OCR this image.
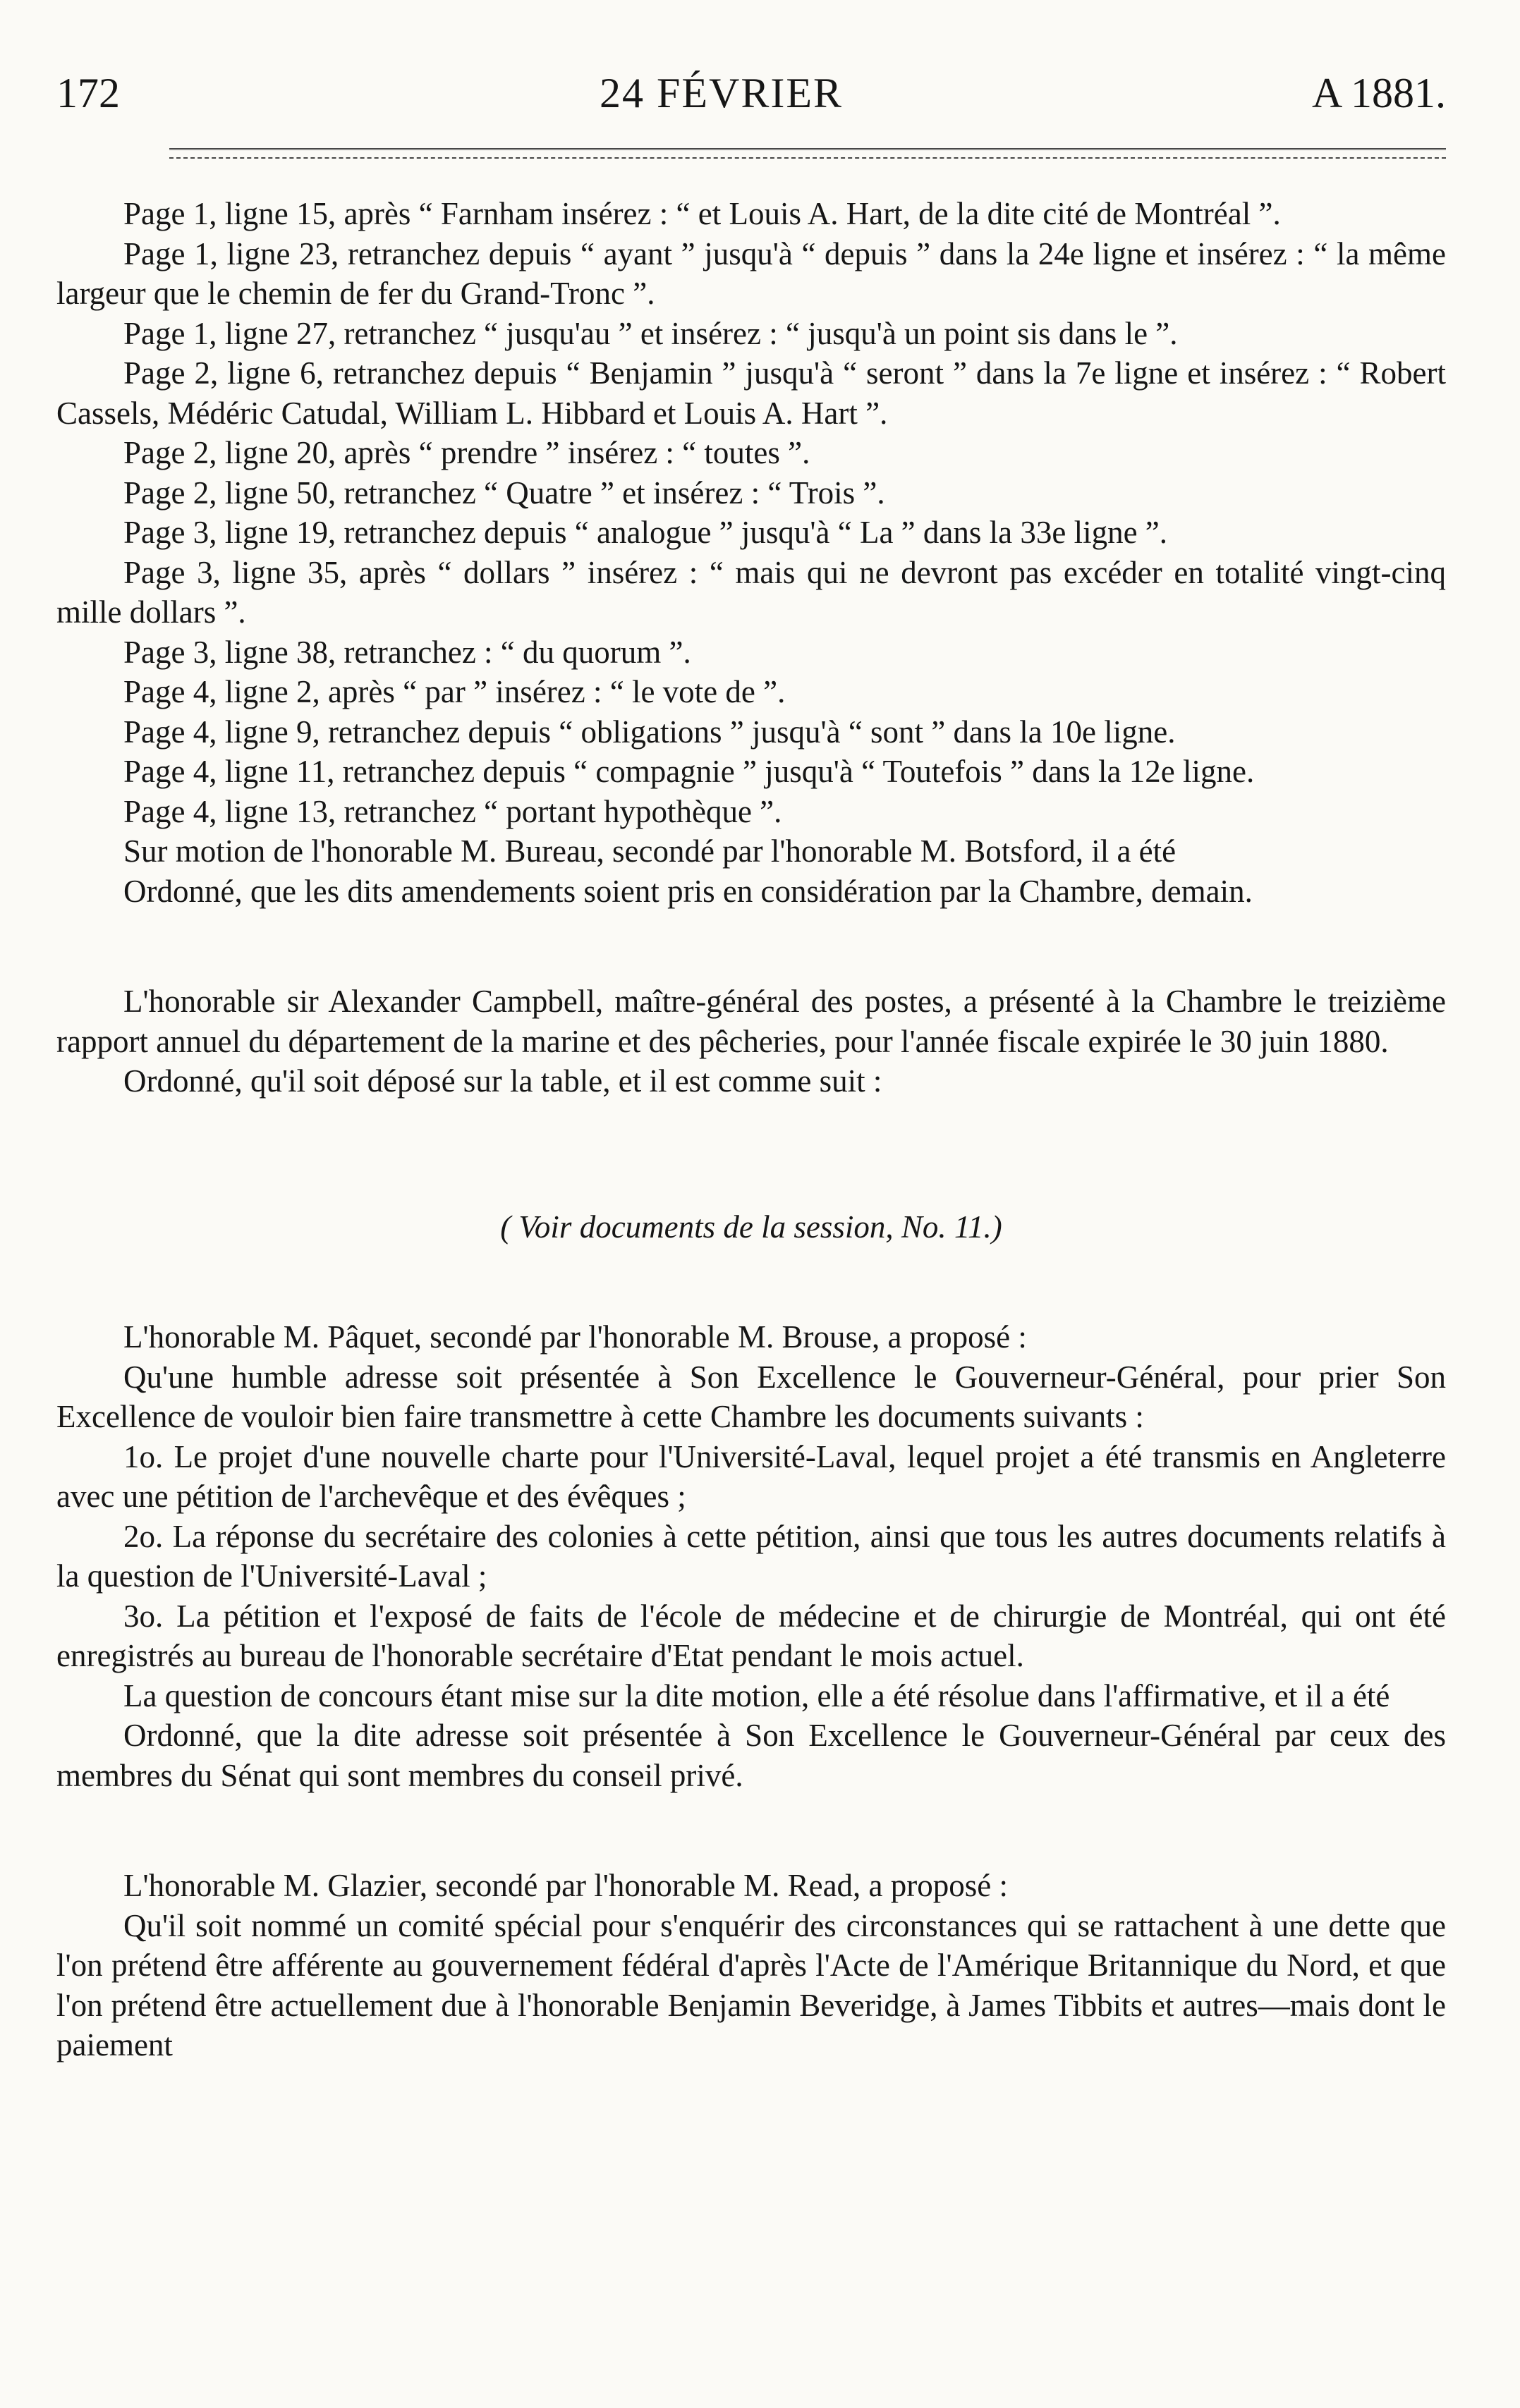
172	24 FÉVRIER	A 1881.

Page 1, ligne 15, après “ Farnham insérez : “ et Louis A. Hart, de la dite cité de Montréal ”.

Page 1, ligne 23, retranchez depuis “ ayant ” jusqu'à “ depuis ” dans la 24e ligne et insérez : “ la même largeur que le chemin de fer du Grand-Tronc ”.

Page 1, ligne 27, retranchez “ jusqu'au ” et insérez : “ jusqu'à un point sis dans le ”.

Page 2, ligne 6, retranchez depuis “ Benjamin ” jusqu'à “ seront ” dans la 7e ligne et insérez : “ Robert Cassels, Médéric Catudal, William L. Hibbard et Louis A. Hart ”.

Page 2, ligne 20, après “ prendre ” insérez : “ toutes ”.

Page 2, ligne 50, retranchez “ Quatre ” et insérez : “ Trois ”.

Page 3, ligne 19, retranchez depuis “ analogue ” jusqu'à “ La ” dans la 33e ligne ”.

Page 3, ligne 35, après “ dollars ” insérez : “ mais qui ne devront pas excéder en totalité vingt-cinq mille dollars ”.

Page 3, ligne 38, retranchez : “ du quorum ”.

Page 4, ligne 2, après “ par ” insérez : “ le vote de ”.

Page 4, ligne 9, retranchez depuis “ obligations ” jusqu'à “ sont ” dans la 10e ligne.

Page 4, ligne 11, retranchez depuis “ compagnie ” jusqu'à “ Toutefois ” dans la 12e ligne.

Page 4, ligne 13, retranchez “ portant hypothèque ”.

Sur motion de l'honorable M. Bureau, secondé par l'honorable M. Botsford, il a été

Ordonné, que les dits amendements soient pris en considération par la Chambre, demain.

L'honorable sir Alexander Campbell, maître-général des postes, a présenté à la Chambre le treizième rapport annuel du département de la marine et des pêcheries, pour l'année fiscale expirée le 30 juin 1880.

Ordonné, qu'il soit déposé sur la table, et il est comme suit :

( Voir documents de la session, No. 11.)

L'honorable M. Pâquet, secondé par l'honorable M. Brouse, a proposé :

Qu'une humble adresse soit présentée à Son Excellence le Gouverneur-Général, pour prier Son Excellence de vouloir bien faire transmettre à cette Chambre les documents suivants :

1o. Le projet d'une nouvelle charte pour l'Université-Laval, lequel projet a été transmis en Angleterre avec une pétition de l'archevêque et des évêques ;

2o. La réponse du secrétaire des colonies à cette pétition, ainsi que tous les autres documents relatifs à la question de l'Université-Laval ;

3o. La pétition et l'exposé de faits de l'école de médecine et de chirurgie de Montréal, qui ont été enregistrés au bureau de l'honorable secrétaire d'Etat pendant le mois actuel.

La question de concours étant mise sur la dite motion, elle a été résolue dans l'affirmative, et il a été

Ordonné, que la dite adresse soit présentée à Son Excellence le Gouverneur-Général par ceux des membres du Sénat qui sont membres du conseil privé.

L'honorable M. Glazier, secondé par l'honorable M. Read, a proposé :

Qu'il soit nommé un comité spécial pour s'enquérir des circonstances qui se rattachent à une dette que l'on prétend être afférente au gouvernement fédéral d'après l'Acte de l'Amérique Britannique du Nord, et que l'on prétend être actuellement due à l'honorable Benjamin Beveridge, à James Tibbits et autres—mais dont le paiement
